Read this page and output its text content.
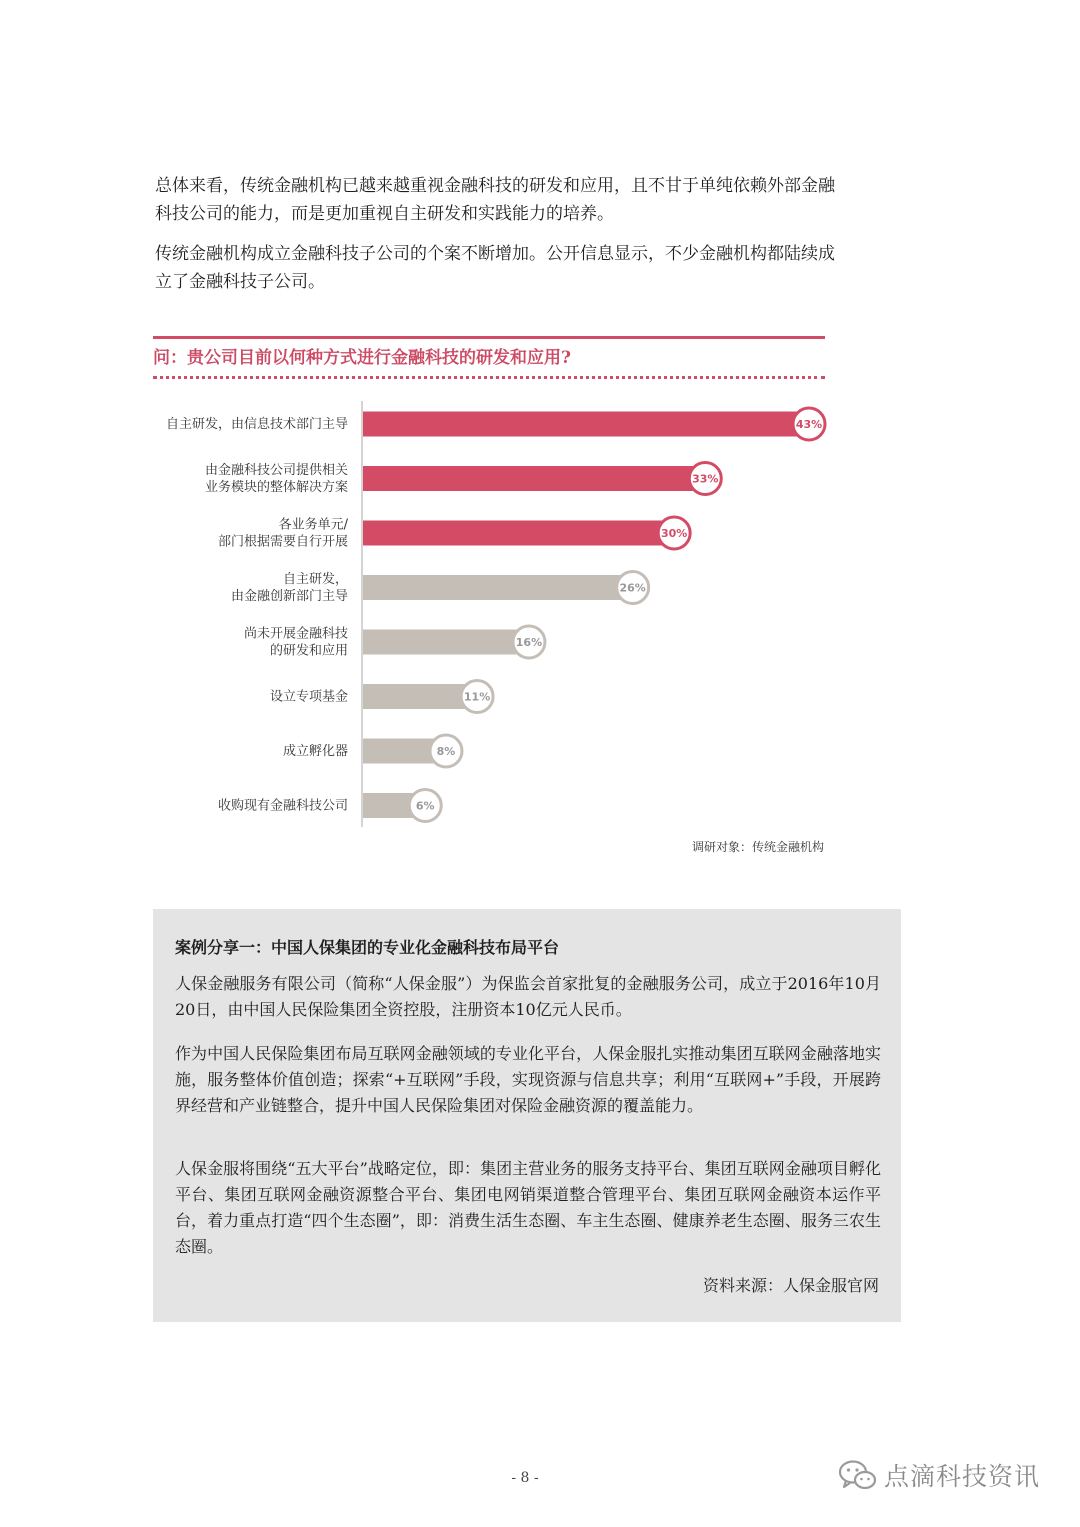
总体来看，传统金融机构已越来越重视金融科技的研发和应用，且不甘于单纯依赖外部金融科技公司的能力，而是更加重视自主研发和实践能力的培养。
传统金融机构成立金融科技子公司的个案不断增加。公开信息显示，不少金融机构都陆续成立了金融科技子公司。
问：贵公司目前以何种方式进行金融科技的研发和应用?
自主研发，由信息技术部门主导
由金融科技公司提供相关
业务模块的整体解决方案
各业务单元/
部门根据需要自行开展
自主研发，
由金融创新部门主导
尚未开展金融科技
的研发和应用
设立专项基金
成立孵化器
收购现有金融科技公司
43%
33%
30%
26%
16%
11%
8%
6%
调研对象：传统金融机构
案例分享一：中国人保集团的专业化金融科技布局平台
人保金融服务有限公司（简称“人保金服”）为保监会首家批复的金融服务公司，成立于2016年10月20日，由中国人民保险集团全资控股，注册资本10亿元人民币。
作为中国人民保险集团布局互联网金融领域的专业化平台，人保金服扎实推动集团互联网金融落地实施，服务整体价值创造；探索“+互联网”手段，实现资源与信息共享；利用“互联网+”手段，开展跨界经营和产业链整合，提升中国人民保险集团对保险金融资源的覆盖能力。
人保金服将围绕“五大平台”战略定位，即：集团主营业务的服务支持平台、集团互联网金融项目孵化平台、集团互联网金融资源整合平台、集团电网销渠道整合管理平台、集团互联网金融资本运作平台，着力重点打造“四个生态圈”，即：消费生活生态圈、车主生态圈、健康养老生态圈、服务三农生态圈。
资料来源：人保金服官网
- 8 -	点滴科技资讯
